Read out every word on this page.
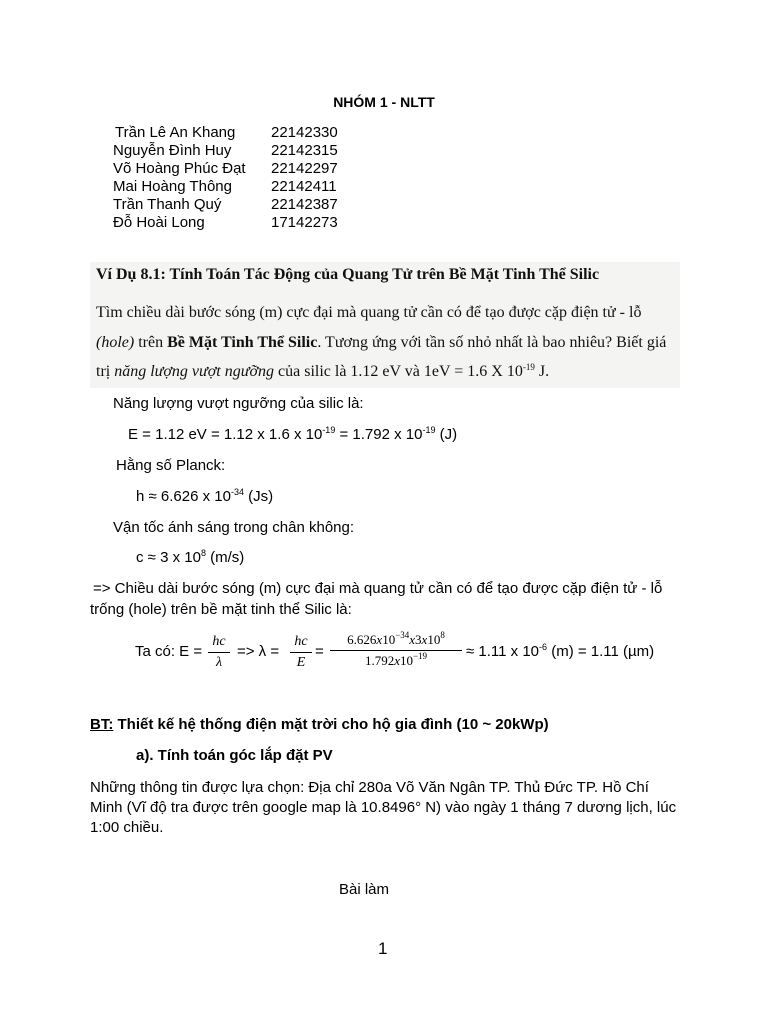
NHÓM 1 - NLTT
Trần Lê An Khang 22142330
Nguyễn Đình Huy	22142315
Võ Hoàng Phúc Đạt 22142297
Mai Hoàng Thông	22142411
Trần Thanh Quý	22142387
Đỗ Hoài Long	17142273
Ví Dụ 8.1: Tính Toán Tác Động của Quang Tử trên Bề Mặt Tinh Thể Silic
Tìm chiều dài bước sóng (m) cực đại mà quang tử cần có để tạo được cặp điện tử - lỗ
(hole) trên Bề Mặt Tinh Thể Silic. Tương ứng với tần số nhỏ nhất là bao nhiêu? Biết giá
trị năng lượng vượt ngưỡng của silic là 1.12 eV và 1eV = 1.6 X $10^{-19}$ J.
Năng lượng vượt ngưỡng của silic là:
E = 1.12 eV = 1.12 x 1.6 x $10^{-19} = 1.792$ x $10^{-19}$ (J)
Hằng số Planck:
h ≈ 6.626 x $10^{-34}$ (Js)
Vận tốc ánh sáng trong chân không:
c ≈ 3 x $10^8$ (m/s)
=> Chiều dài bước sóng (m) cực đại mà quang tử cần có để tạo được cặp điện tử - lỗ
trống (hole) trên bề mặt tinh thể Silic là:
Ta có: E =
hc
λ
=> λ =
hc
E
=
$6.626x10^{-34}x3x10^8$
$1.792x10^{-19}$	≈ 1.11 x $10^{-6}$ (m) = 1.11 (µm)
BT: Thiết kế hệ thống điện mặt trời cho hộ gia đình (10 ~ 20kWp)
a). Tính toán góc lắp đặt PV
Những thông tin được lựa chọn: Địa chỉ 280a Võ Văn Ngân TP. Thủ Đức TP. Hồ Chí Minh (Vĩ độ tra được trên google map là 10.8496° N) vào ngày 1 tháng 7 dương lịch, lúc 1:00 chiều.
Bài làm
1
